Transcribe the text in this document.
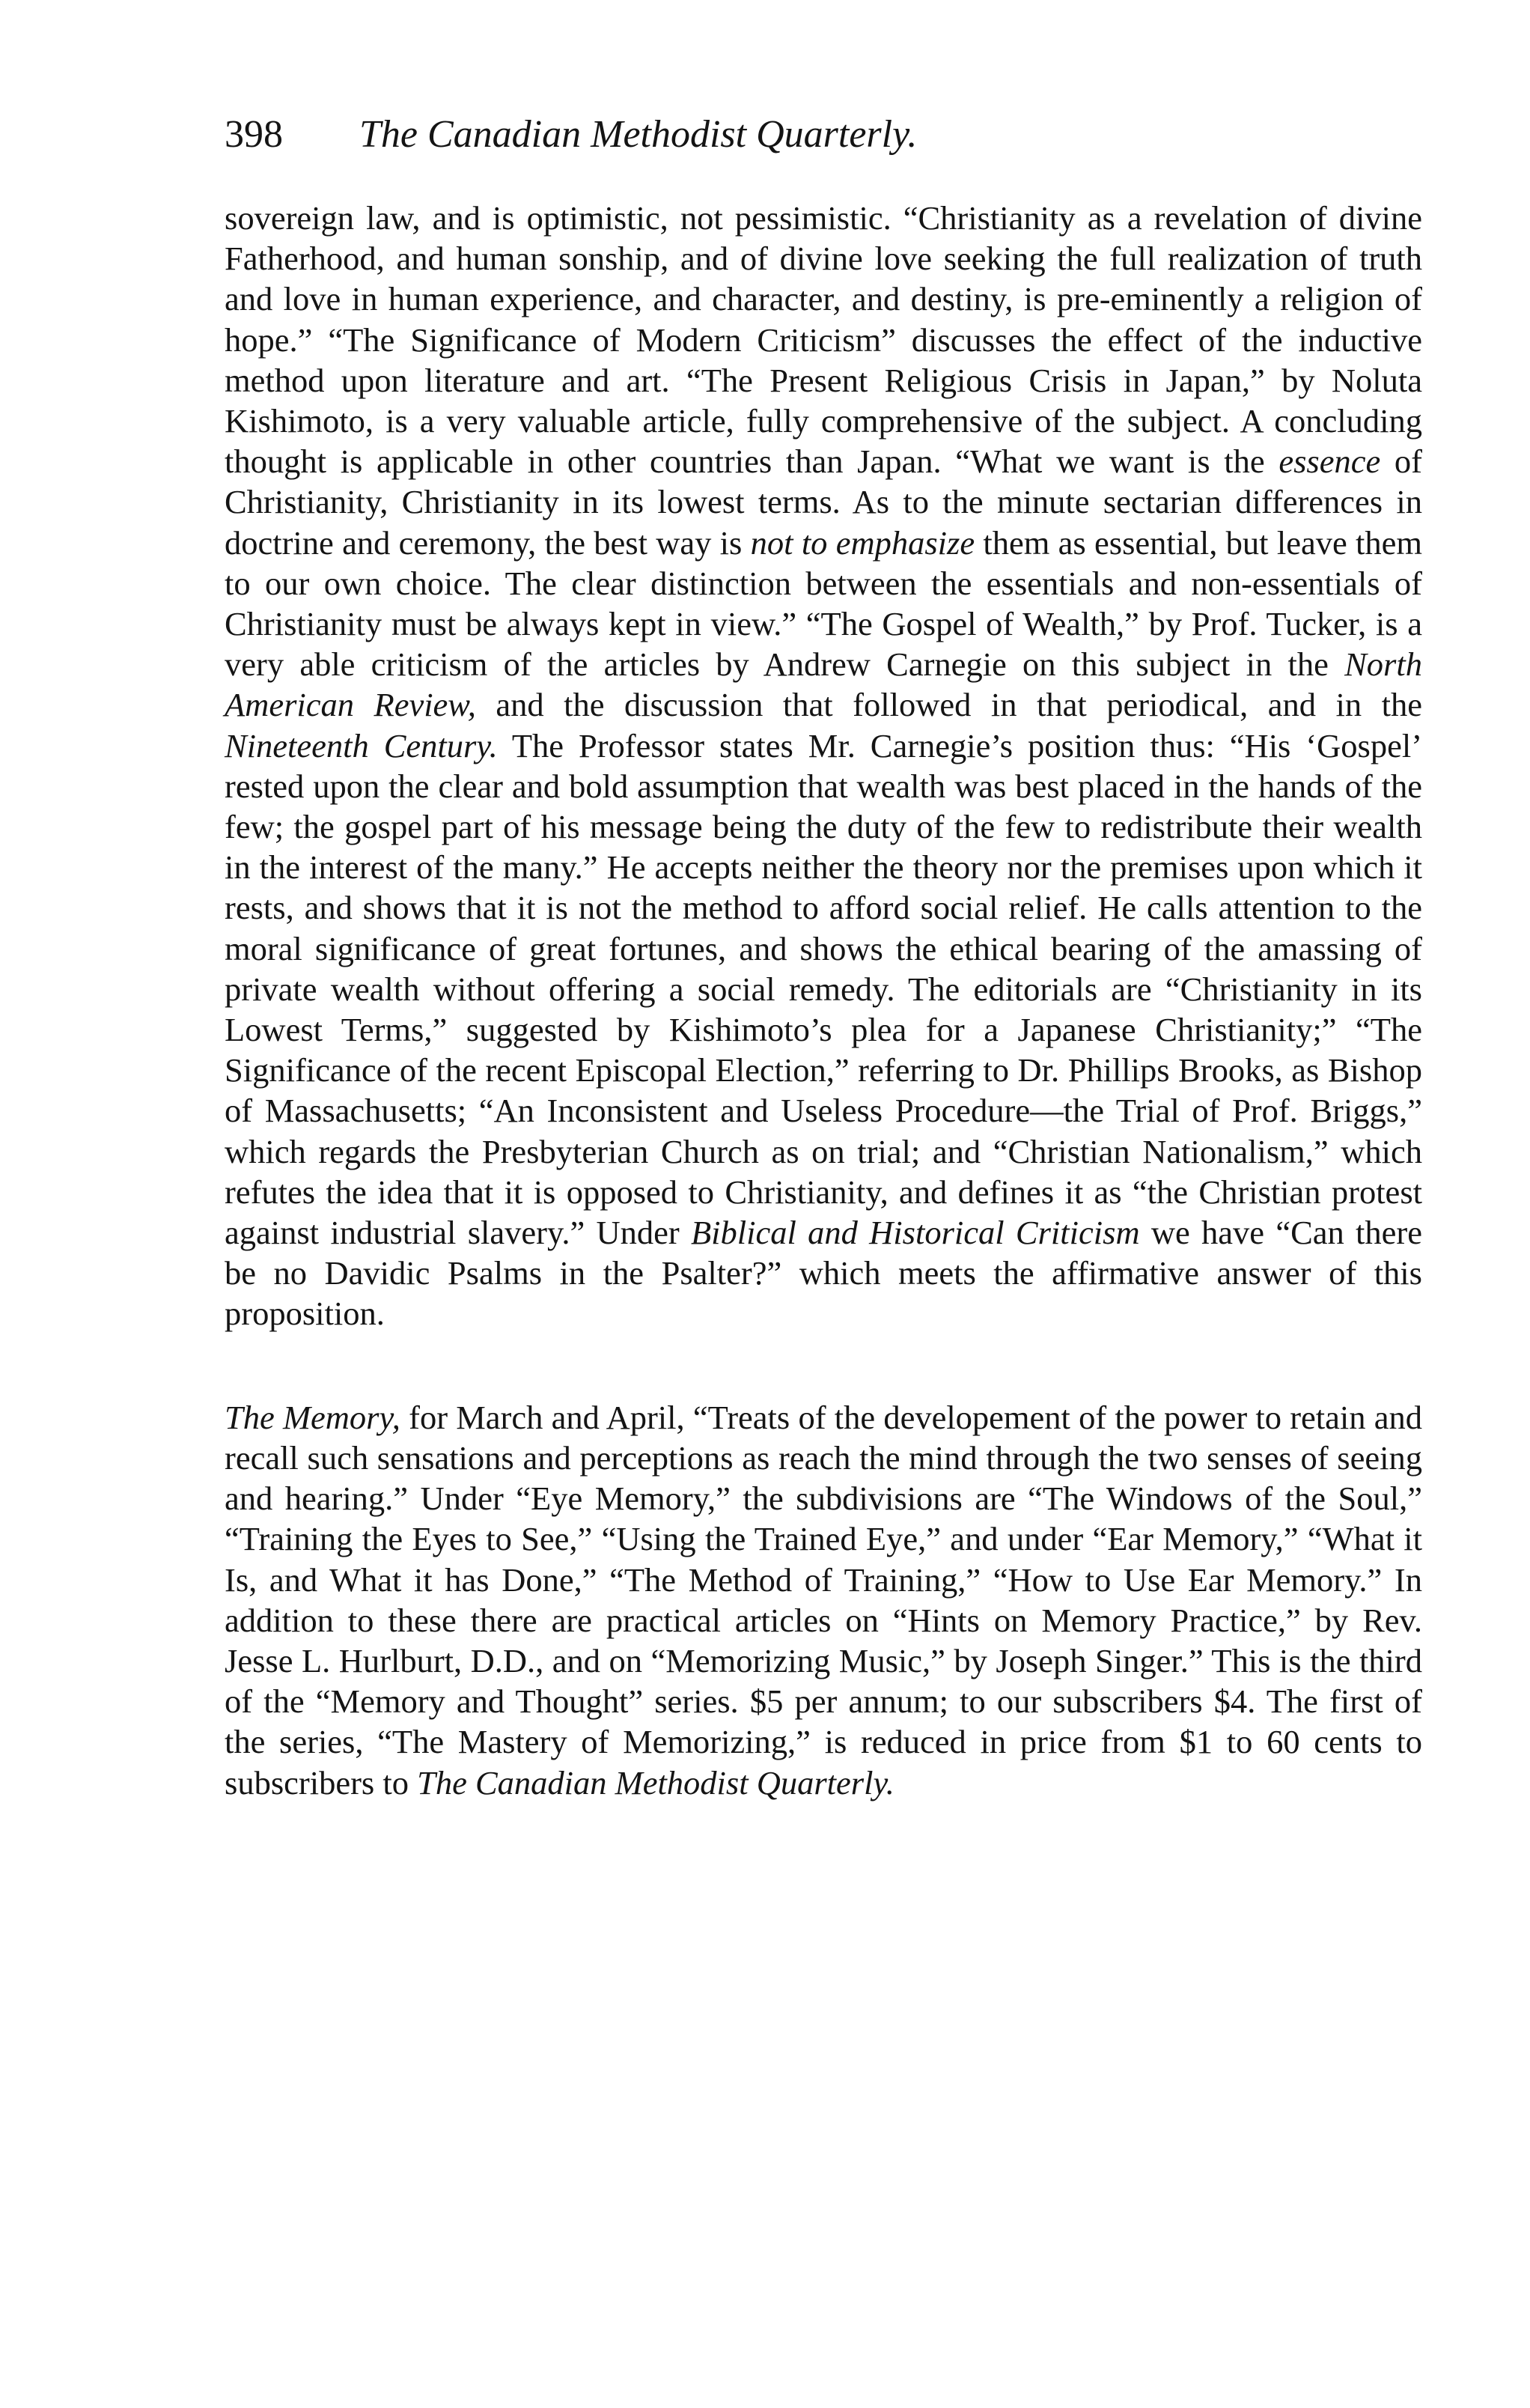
398	The Canadian Methodist Quarterly.

sovereign law, and is optimistic, not pessimistic. “Christianity as a revelation of divine Fatherhood, and human sonship, and of divine love seeking the full realization of truth and love in human experience, and character, and destiny, is pre-eminently a religion of hope.” “The Significance of Modern Criticism” discusses the effect of the inductive method upon literature and art. “The Present Religious Crisis in Japan,” by Noluta Kishimoto, is a very valuable article, fully comprehensive of the subject. A concluding thought is applicable in other countries than Japan. “What we want is the essence of Christianity, Christianity in its lowest terms. As to the minute sectarian differences in doctrine and ceremony, the best way is not to emphasize them as essential, but leave them to our own choice. The clear distinction between the essentials and non-essentials of Christianity must be always kept in view.” “The Gospel of Wealth,” by Prof. Tucker, is a very able criticism of the articles by Andrew Carnegie on this subject in the North American Review, and the discussion that followed in that periodical, and in the Nineteenth Century. The Professor states Mr. Carnegie’s position thus: “His ‘Gospel’ rested upon the clear and bold assumption that wealth was best placed in the hands of the few; the gospel part of his message being the duty of the few to redistribute their wealth in the interest of the many.” He accepts neither the theory nor the premises upon which it rests, and shows that it is not the method to afford social relief. He calls attention to the moral significance of great fortunes, and shows the ethical bearing of the amassing of private wealth without offering a social remedy. The editorials are “Christianity in its Lowest Terms,” suggested by Kishimoto’s plea for a Japanese Christianity;” “The Significance of the recent Episcopal Election,” referring to Dr. Phillips Brooks, as Bishop of Massachusetts; “An Inconsistent and Useless Procedure—the Trial of Prof. Briggs,” which regards the Presbyterian Church as on trial; and “Christian Nationalism,” which refutes the idea that it is opposed to Christianity, and defines it as “the Christian protest against industrial slavery.” Under Biblical and Historical Criticism we have “Can there be no Davidic Psalms in the Psalter?” which meets the affirmative answer of this proposition.

The Memory, for March and April, “Treats of the developement of the power to retain and recall such sensations and perceptions as reach the mind through the two senses of seeing and hearing.” Under “Eye Memory,” the subdivisions are “The Windows of the Soul,” “Training the Eyes to See,” “Using the Trained Eye,” and under “Ear Memory,” “What it Is, and What it has Done,” “The Method of Training,” “How to Use Ear Memory.” In addition to these there are practical articles on “Hints on Memory Practice,” by Rev. Jesse L. Hurlburt, D.D., and on “Memorizing Music,” by Joseph Singer.” This is the third of the “Memory and Thought” series. $5 per annum; to our subscribers $4. The first of the series, “The Mastery of Memorizing,” is reduced in price from $1 to 60 cents to subscribers to The Canadian Methodist Quarterly.
